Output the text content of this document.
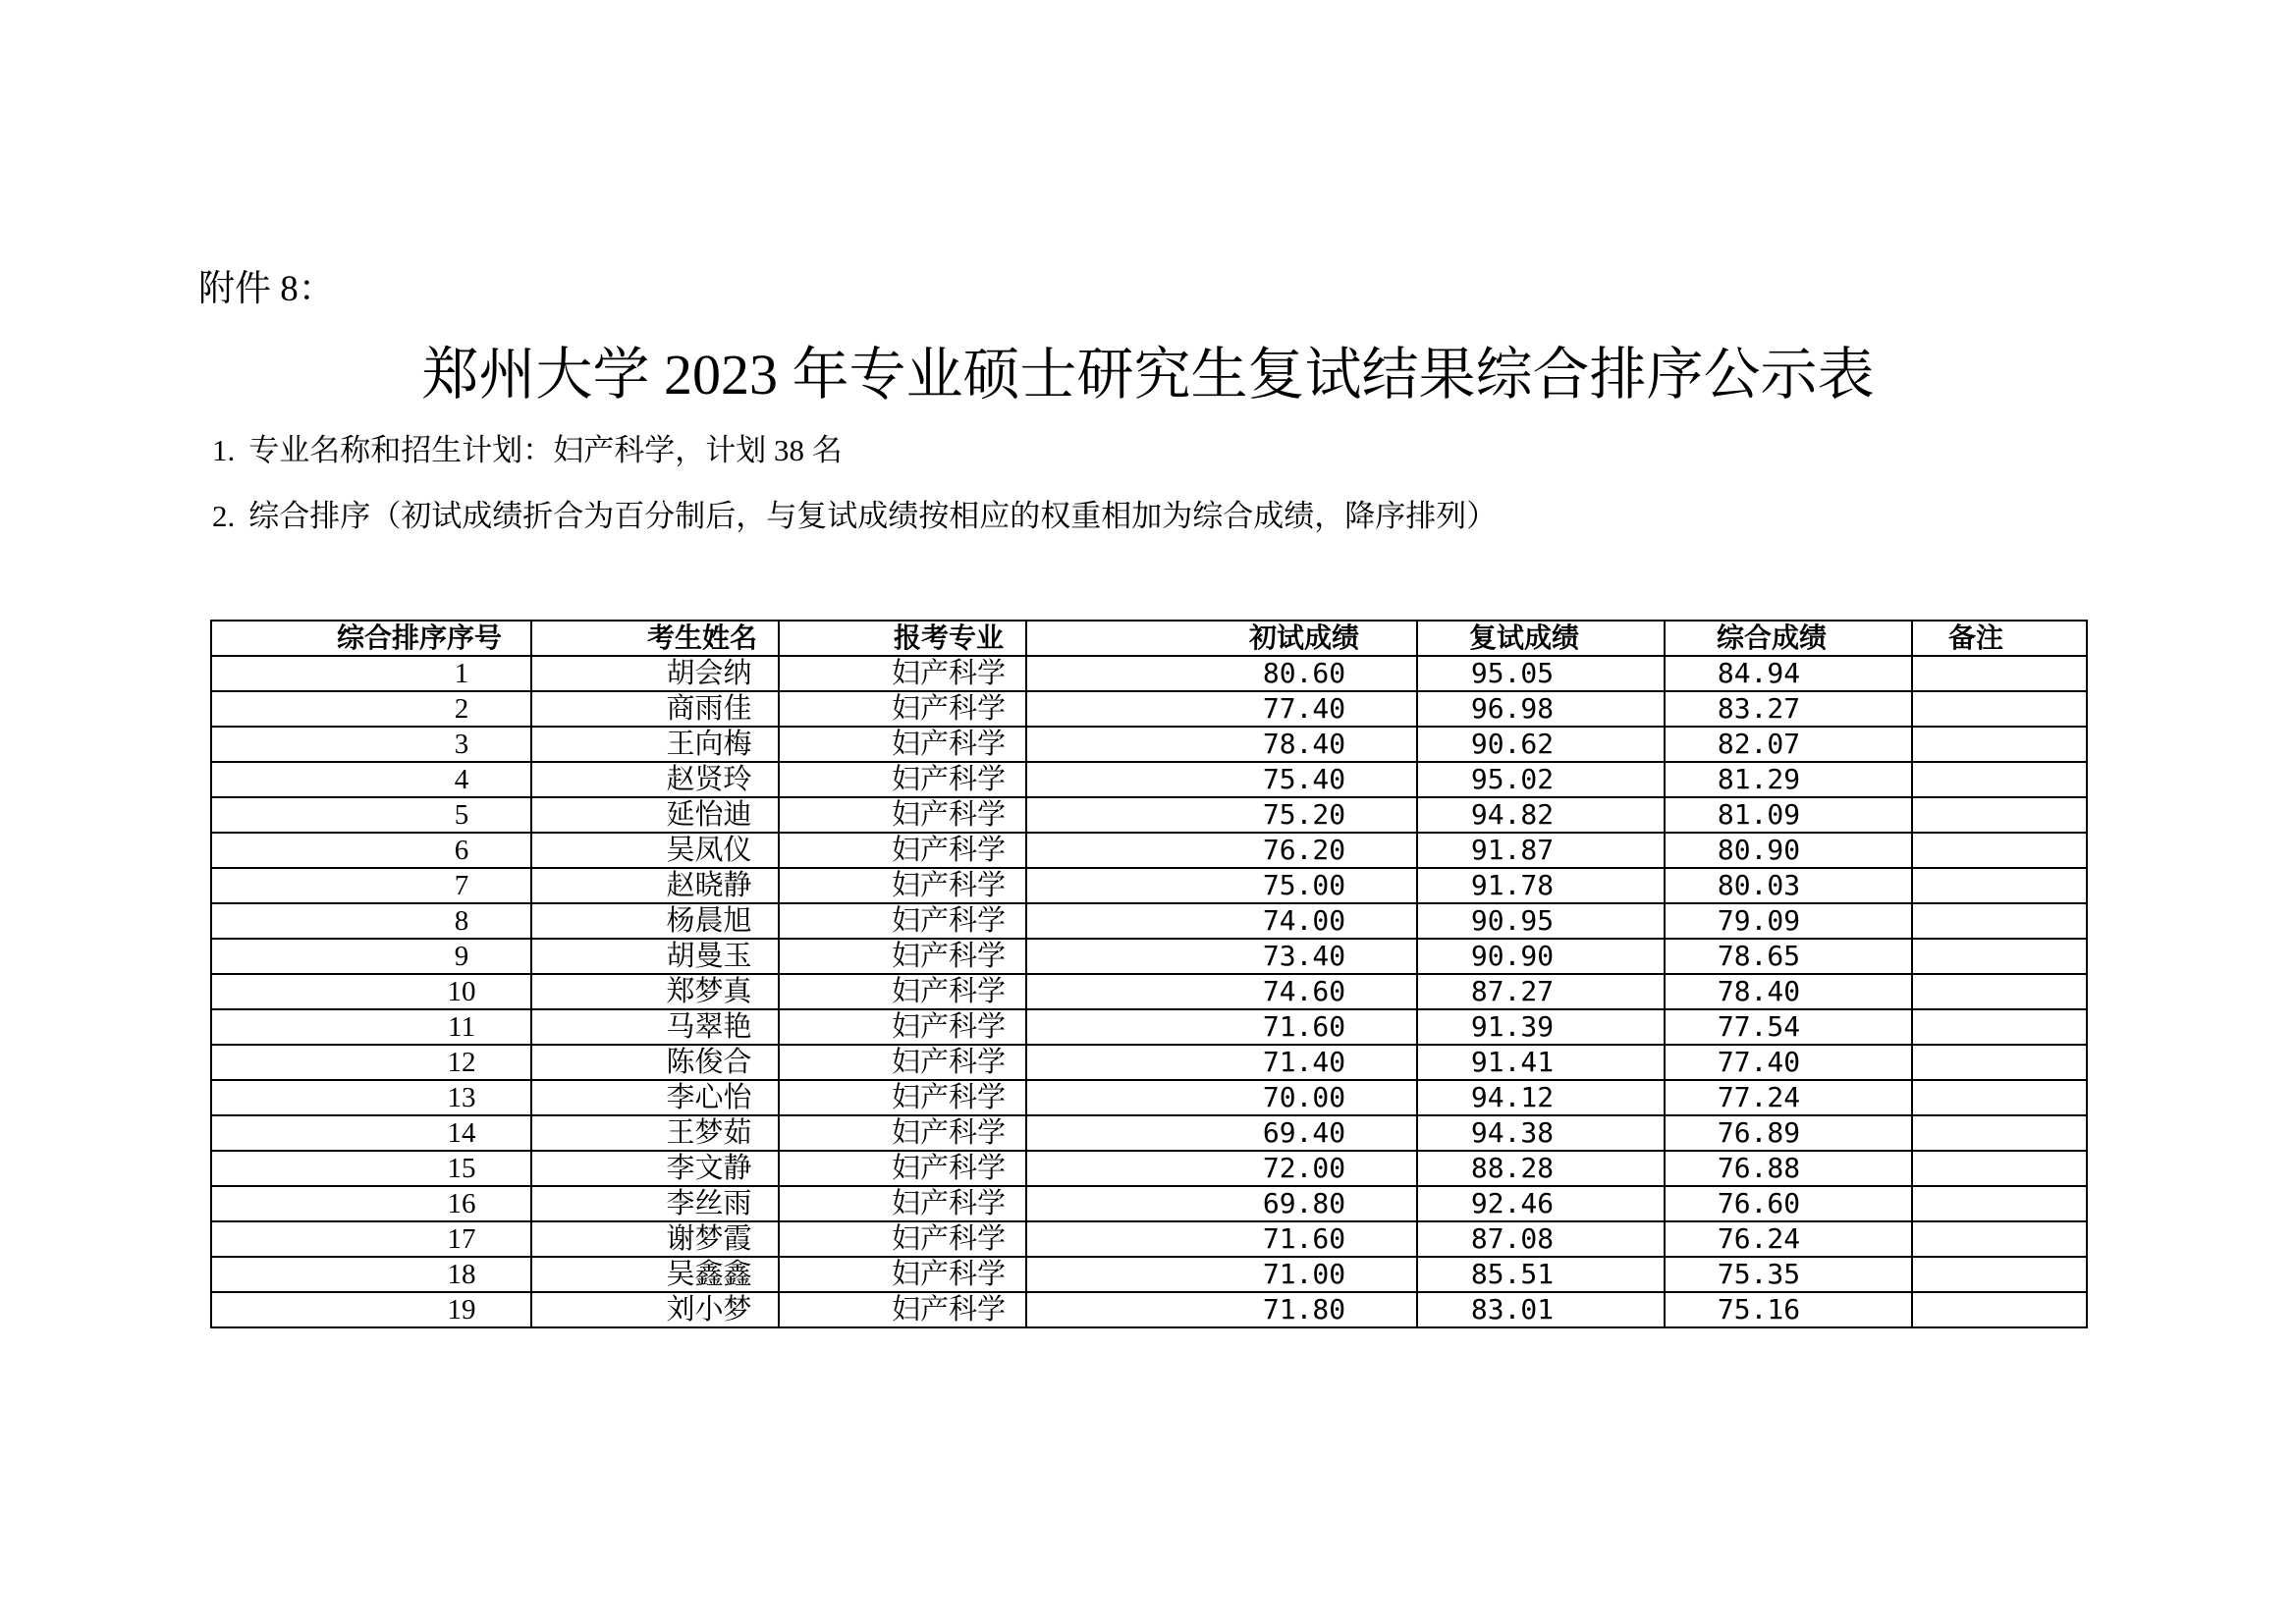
附件 8：
郑州大学 2023 年专业硕士研究生复试结果综合排序公示表
1. 专业名称和招生计划：妇产科学，计划 38 名
2. 综合排序（初试成绩折合为百分制后，与复试成绩按相应的权重相加为综合成绩，降序排列）
综合排序序号	考生姓名	报考专业	初试成绩	复试成绩	综合成绩	备注
1	胡会纳	妇产科学	80.60	95.05	84.94	
2	商雨佳	妇产科学	77.40	96.98	83.27	
3	王向梅	妇产科学	78.40	90.62	82.07	
4	赵贤玲	妇产科学	75.40	95.02	81.29	
5	延怡迪	妇产科学	75.20	94.82	81.09	
6	吴凤仪	妇产科学	76.20	91.87	80.90	
7	赵晓静	妇产科学	75.00	91.78	80.03	
8	杨晨旭	妇产科学	74.00	90.95	79.09	
9	胡曼玉	妇产科学	73.40	90.90	78.65	
10	郑梦真	妇产科学	74.60	87.27	78.40	
11	马翠艳	妇产科学	71.60	91.39	77.54	
12	陈俊合	妇产科学	71.40	91.41	77.40	
13	李心怡	妇产科学	70.00	94.12	77.24	
14	王梦茹	妇产科学	69.40	94.38	76.89	
15	李文静	妇产科学	72.00	88.28	76.88	
16	李丝雨	妇产科学	69.80	92.46	76.60	
17	谢梦霞	妇产科学	71.60	87.08	76.24	
18	吴鑫鑫	妇产科学	71.00	85.51	75.35	
19	刘小梦	妇产科学	71.80	83.01	75.16	
